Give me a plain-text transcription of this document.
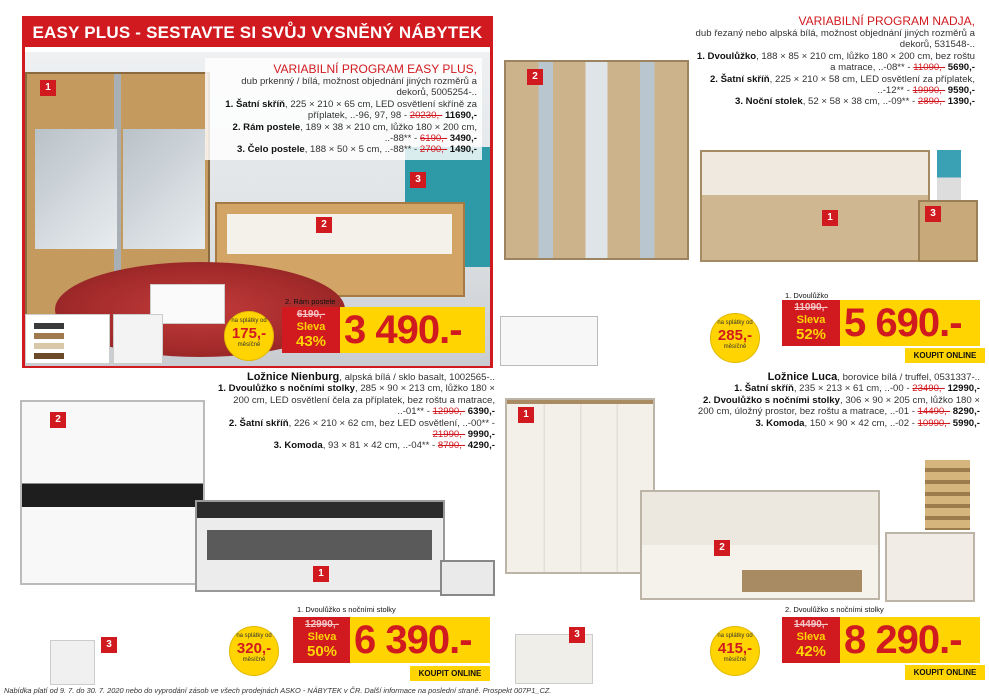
EASY PLUS - SESTAVTE SI SVŮJ VYSNĚNÝ NÁBYTEK
VARIABILNÍ PROGRAM EASY PLUS,
dub prkenný / bílá, možnost objednání jiných rozměrů a dekorů, 5005254-..
1. Šatní skříň, 225 × 210 × 65 cm, LED osvětlení skříně za příplatek, ..-96, 97, 98 - 20230,- 11690,-
2. Rám postele, 189 × 38 × 210 cm, lůžko 180 × 200 cm, ..-88** - 6190,- 3490,-
3. Čelo postele, 188 × 50 × 5 cm, ..-88** - 2700,- 1490,-
1
2
3
2. Rám postele
na splátky od
175,-
měsíčně
6190,-
Sleva
43% 3 490.-
VARIABILNÍ PROGRAM NADJA,
dub řezaný nebo alpská bílá, možnost objednání jiných rozměrů a dekorů, 531548-..
1. Dvoulůžko, 188 × 85 × 210 cm, lůžko 180 × 200 cm, bez roštu a matrace, ..-08** - 11090,- 5690,-
2. Šatní skříň, 225 × 210 × 58 cm, LED osvětlení za příplatek, ..-12** - 19990,- 9590,-
3. Noční stolek, 52 × 58 × 38 cm, ..-09** - 2890,- 1390,-
1
2
3
1. Dvoulůžko
na splátky od
285,-
měsíčně
11090,-
Sleva
52% 5 690.-
KOUPIT ONLINE
Ložnice Nienburg, alpská bílá / sklo basalt, 1002565-..
1. Dvoulůžko s nočními stolky, 285 × 90 × 213 cm, lůžko 180 × 200 cm, LED osvětlení čela za příplatek, bez roštu a matrace, ..-01** - 12990,- 6390,-
2. Šatní skříň, 226 × 210 × 62 cm, bez LED osvětlení, ..-00** - 21990,- 9990,-
3. Komoda, 93 × 81 × 42 cm, ..-04** - 8790,- 4290,-
1
2
3
3
1. Dvoulůžko s nočními stolky
na splátky od
320,-
měsíčně
12990,-
Sleva
50% 6 390.-
KOUPIT ONLINE
Ložnice Luca, borovice bílá / truffel, 0531337-..
1. Šatní skříň, 235 × 213 × 61 cm, ..-00 - 23490,- 12990,-
2. Dvoulůžko s nočními stolky, 306 × 90 × 205 cm, lůžko 180 × 200 cm, úložný prostor, bez roštu a matrace, ..-01 - 14490,- 8290,-
3. Komoda, 150 × 90 × 42 cm, ..-02 - 10990,- 5990,-
1
2
2. Dvoulůžko s nočními stolky
na splátky od
415,-
měsíčně
14490,-
Sleva
42% 8 290.-
KOUPIT ONLINE
Nabídka platí od 9. 7. do 30. 7. 2020 nebo do vyprodání zásob ve všech prodejnách ASKO - NÁBYTEK v ČR. Další informace na poslední straně. Prospekt 007P1_CZ.
